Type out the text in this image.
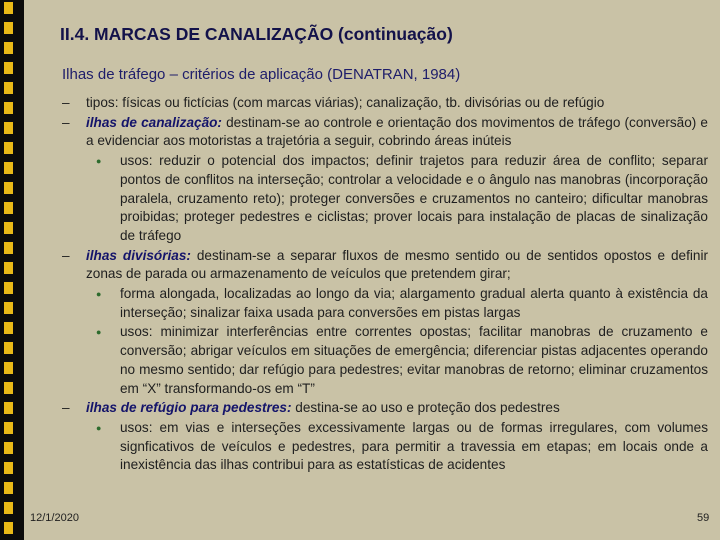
II.4. MARCAS DE CANALIZAÇÃO (continuação)
Ilhas de tráfego – critérios de aplicação (DENATRAN, 1984)
– tipos: físicas ou fictícias (com marcas viárias); canalização, tb. divisórias ou de refúgio
– ilhas de canalização: destinam-se ao controle e orientação dos movimentos de tráfego (conversão) e a evidenciar aos motoristas a trajetória a seguir, cobrindo áreas inúteis
● usos: reduzir o potencial dos impactos; definir trajetos para reduzir área de conflito; separar pontos de conflitos na interseção; controlar a velocidade e o ângulo nas manobras (incorporação paralela, cruzamento reto); proteger conversões e cruzamentos no canteiro; dificultar manobras proibidas; proteger pedestres e ciclistas; prover locais para instalação de placas de sinalização de tráfego
– ilhas divisórias: destinam-se a separar fluxos de mesmo sentido ou de sentidos opostos e definir zonas de parada ou armazenamento de veículos que pretendem girar;
● forma alongada, localizadas ao longo da via; alargamento gradual alerta quanto à existência da interseção; sinalizar faixa usada para conversões em pistas largas
● usos: minimizar interferências entre correntes opostas; facilitar manobras de cruzamento e conversão; abrigar veículos em situações de emergência; diferenciar pistas adjacentes operando no mesmo sentido; dar refúgio para pedestres; evitar manobras de retorno; eliminar cruzamentos em “X” transformando-os em “T”
– ilhas de refúgio para pedestres: destina-se ao uso e proteção dos pedestres
● usos: em vias e interseções excessivamente largas ou de formas irregulares, com volumes signficativos de veículos e pedestres, para permitir a travessia em etapas; em locais onde a inexistência das ilhas contribui para as estatísticas de acidentes
12/1/2020	59
